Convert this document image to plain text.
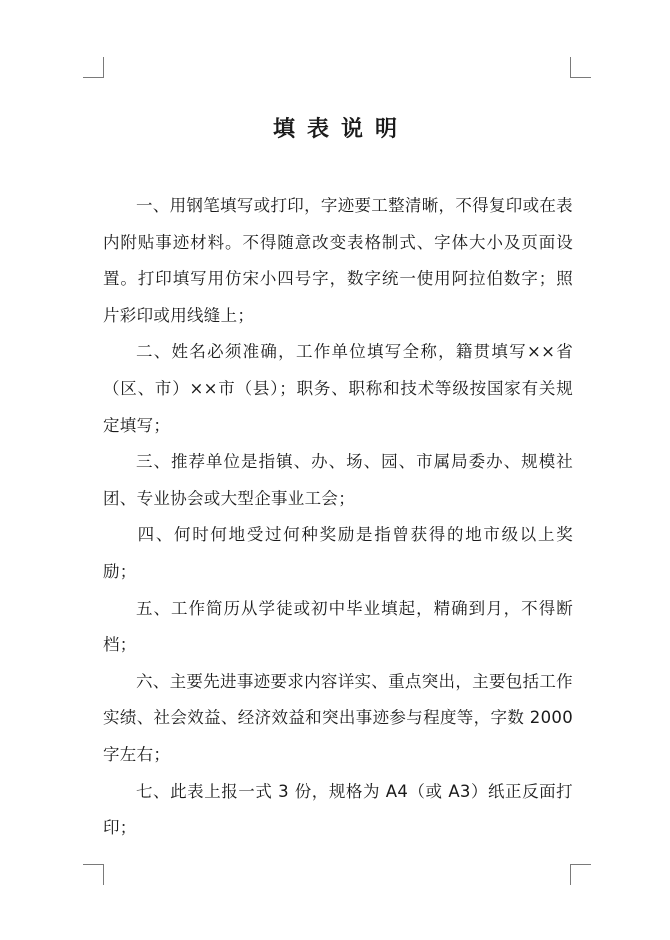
填表说明

一、用钢笔填写或打印，字迹要工整清晰，不得复印或在表内附贴事迹材料。不得随意改变表格制式、字体大小及页面设置。打印填写用仿宋小四号字，数字统一使用阿拉伯数字；照片彩印或用线缝上；

二、姓名必须准确，工作单位填写全称，籍贯填写××省（区、市）××市（县）；职务、职称和技术等级按国家有关规定填写；

三、推荐单位是指镇、办、场、园、市属局委办、规模社团、专业协会或大型企事业工会；

四、何时何地受过何种奖励是指曾获得的地市级以上奖励；

五、工作简历从学徒或初中毕业填起，精确到月，不得断档；

六、主要先进事迹要求内容详实、重点突出，主要包括工作实绩、社会效益、经济效益和突出事迹参与程度等，字数 2000 字左右；

七、此表上报一式 3 份，规格为 A4（或 A3）纸正反面打印；
